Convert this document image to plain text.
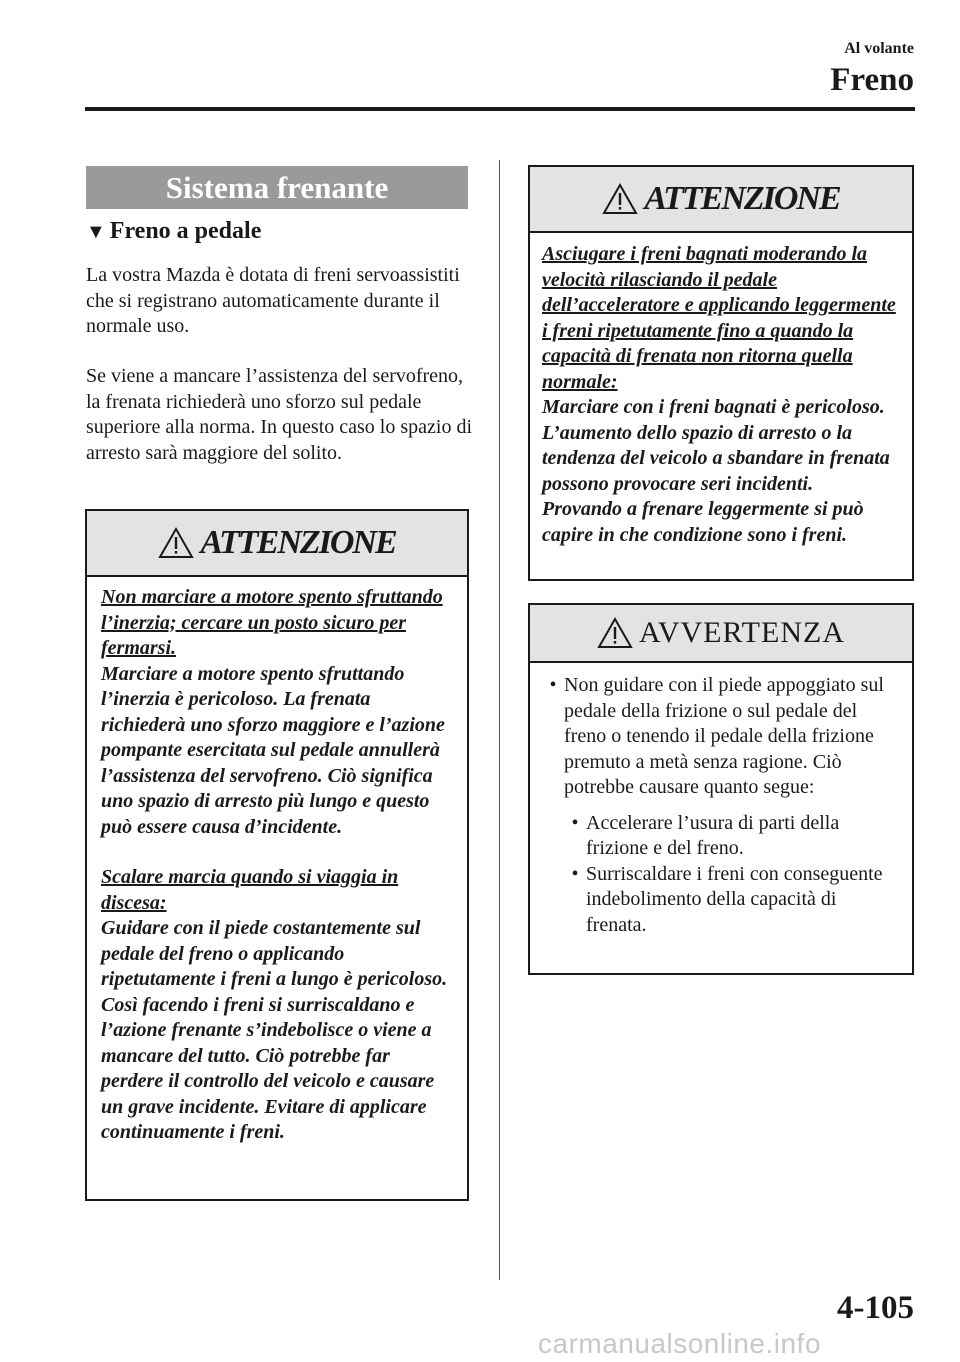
Al volante
Freno
Sistema frenante
▼ Freno a pedale
La vostra Mazda è dotata di freni servoassistiti che si registrano automaticamente durante il normale uso.
Se viene a mancare l’assistenza del servofreno, la frenata richiederà uno sforzo sul pedale superiore alla norma. In questo caso lo spazio di arresto sarà maggiore del solito.
ATTENZIONE

Non marciare a motore spento sfruttando l’inerzia; cercare un posto sicuro per fermarsi.

Marciare a motore spento sfruttando l’inerzia è pericoloso. La frenata richiederà uno sforzo maggiore e l’azione pompante esercitata sul pedale annullerà l’assistenza del servofreno. Ciò significa uno spazio di arresto più lungo e questo può essere causa d’incidente.

Scalare marcia quando si viaggia in discesa:

Guidare con il piede costantemente sul pedale del freno o applicando ripetutamente i freni a lungo è pericoloso. Così facendo i freni si surriscaldano e l’azione frenante s’indebolisce o viene a mancare del tutto. Ciò potrebbe far perdere il controllo del veicolo e causare un grave incidente. Evitare di applicare continuamente i freni.

ATTENZIONE

Asciugare i freni bagnati moderando la velocità rilasciando il pedale dell’acceleratore e applicando leggermente i freni ripetutamente fino a quando la capacità di frenata non ritorna quella normale:

Marciare con i freni bagnati è pericoloso. L’aumento dello spazio di arresto o la tendenza del veicolo a sbandare in frenata possono provocare seri incidenti. Provando a frenare leggermente si può capire in che condizione sono i freni.

AVVERTENZA
• Non guidare con il piede appoggiato sul pedale della frizione o sul pedale del freno o tenendo il pedale della frizione premuto a metà senza ragione. Ciò potrebbe causare quanto segue:
• Accelerare l’usura di parti della frizione e del freno.
• Surriscaldare i freni con conseguente indebolimento della capacità di frenata.
4-105
carmanualsonline.info
